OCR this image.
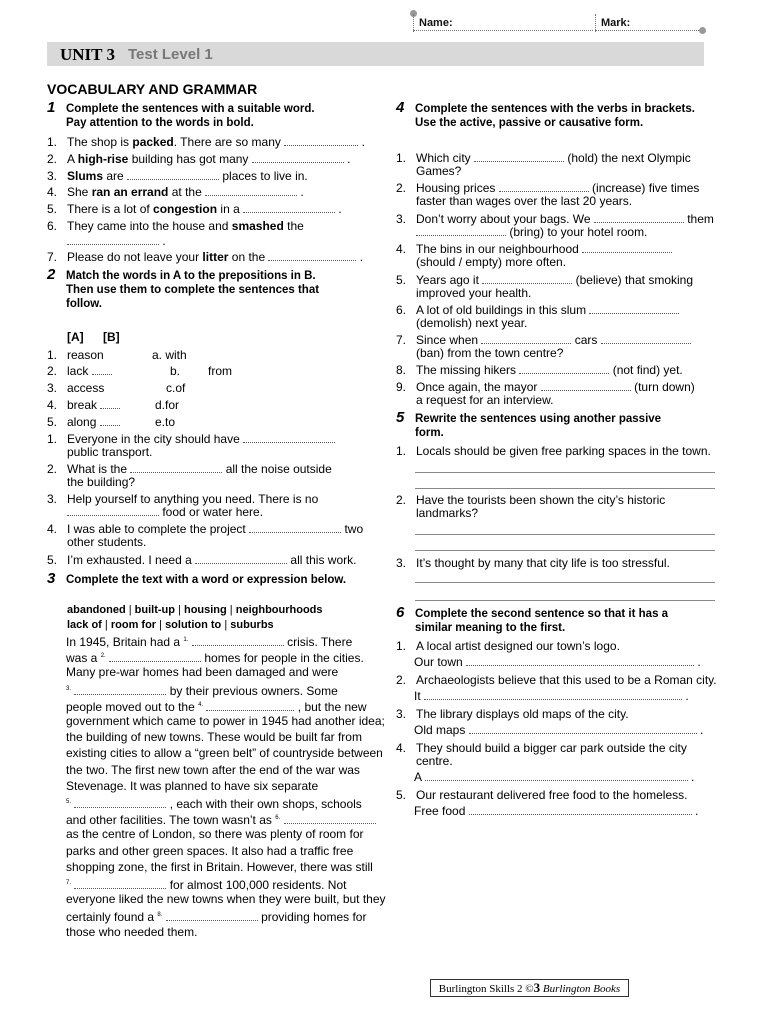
Name:	Mark:
UNIT 3 Test Level 1
VOCABULARY AND GRAMMAR
1 Complete the sentences with a suitable word.
Pay attention to the words in bold.
1. The shop is packed. There are so many	.
2. A high-rise building has got many	.
3. Slums are	places to live in.
4. She ran an errand at the	.
5. There is a lot of congestion in a	.
6. They came into the house and smashed the
.
7. Please do not leave your litter on the	.
2 Match the words in A to the prepositions in B.
Then use them to complete the sentences that
follow.
[A] [B]
1. reason	a. with
2. lack	b. from
3. access	c.of
4. break	d.for
5. along	e.to
1. Everyone in the city should have
public transport.
2. What is the	all the noise outside
the building?
3. Help yourself to anything you need. There is no
food or water here.
4. I was able to complete the project	two
other students.
5. I’m exhausted. I need a	all this work.
3 Complete the text with a word or expression below.
abandoned | built-up | housing | neighbourhoods
lack of | room for | solution to | suburbs
In 1945, Britain had a $^{1.}$	crisis. There
was a $^{2.}$	homes for people in the cities.
Many pre-war homes had been damaged and were
$^{3.}$	by their previous owners. Some
people moved out to the $^{4.}$	, but the new
government which came to power in 1945 had another idea;
the building of new towns. These would be built far from
existing cities to allow a “green belt” of countryside between
the two. The first new town after the end of the war was
Stevenage. It was planned to have six separate
$^{5.}$	, each with their own shops, schools
and other facilities. The town wasn’t as $^{6.}$
as the centre of London, so there was plenty of room for
parks and other green spaces. It also had a traffic free
shopping zone, the first in Britain. However, there was still
$^{7.}$	for almost 100,000 residents. Not
everyone liked the new towns when they were built, but they
certainly found a $^{8.}$	providing homes for
those who needed them.
4 Complete the sentences with the verbs in brackets.
Use the active, passive or causative form.
1. Which city	(hold) the next Olympic
Games?
2. Housing prices	(increase) five times
faster than wages over the last 20 years.
3. Don’t worry about your bags. We	them
(bring) to your hotel room.
4. The bins in our neighbourhood
(should / empty) more often.
5. Years ago it	(believe) that smoking
improved your health.
6. A lot of old buildings in this slum
(demolish) next year.
7. Since when	cars
(ban) from the town centre?
8. The missing hikers	(not find) yet.
9. Once again, the mayor	(turn down)
a request for an interview.
5 Rewrite the sentences using another passive
form.
1. Locals should be given free parking spaces in the town.
2. Have the tourists been shown the city’s historic
landmarks?
3. It’s thought by many that city life is too stressful.
6 Complete the second sentence so that it has a
similar meaning to the first.
1. A local artist designed our town’s logo.
Our town	.
2. Archaeologists believe that this used to be a Roman city.
It	.
3. The library displays old maps of the city.
Old maps	.
4. They should build a bigger car park outside the city
centre.
A	.
5. Our restaurant delivered free food to the homeless.
Free food	.
Burlington Skills 2 ©3 Burlington Books
